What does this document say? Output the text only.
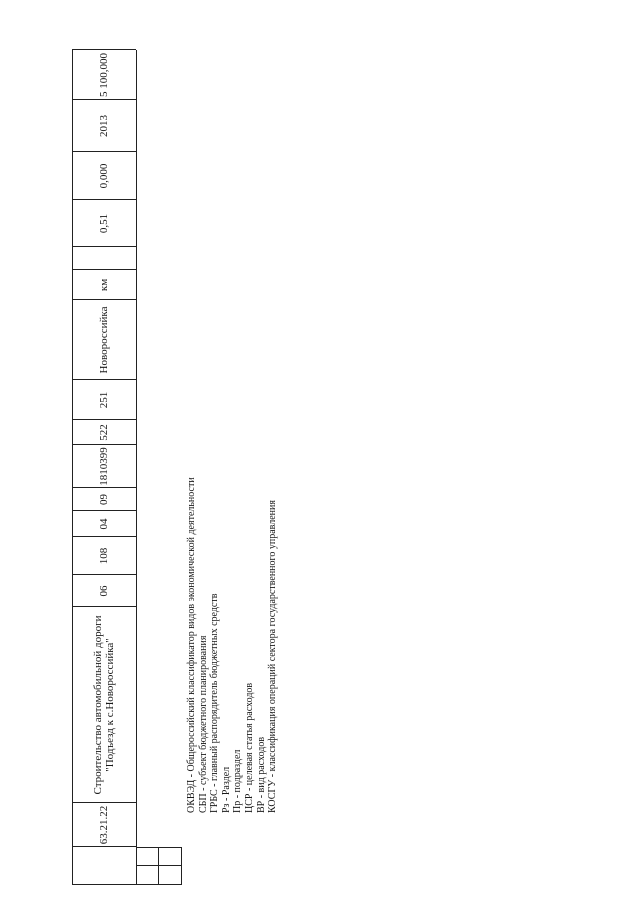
63.21.22
Строительство автомобильной дороги "Подъезд к с.Новороссийка"
06
108
04
09
1810399
522
251
Новороссийка
км
0,51
0,000
2013
5 100,000
ОКВЭД - Общероссийский классификатор видов экономической деятельности СБП - субъект бюджетного планирования ГРБС - главный распорядитель бюджетных средств Рз - Раздел Пр - подраздел ЦСР - целевая статья расходов ВР - вид расходов КОСГУ - классификация операций сектора государственного управления
